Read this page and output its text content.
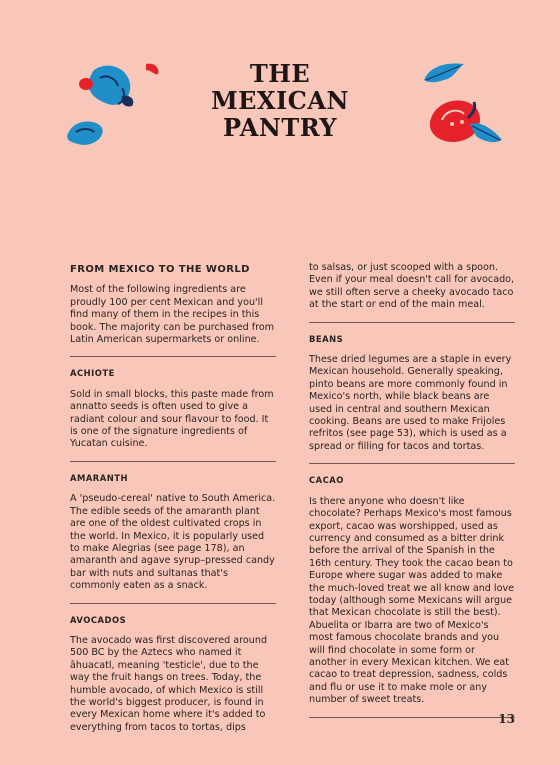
THE
MEXICAN
PANTRY
FROM MEXICO TO THE WORLD

Most of the following ingredients are proudly 100 per cent Mexican and you'll find many of them in the recipes in this book. The majority can be purchased from Latin American supermarkets or online.

ACHIOTE

Sold in small blocks, this paste made from annatto seeds is often used to give a radiant colour and sour flavour to food. It is one of the signature ingredients of Yucatan cuisine.

AMARANTH

A 'pseudo-cereal' native to South America. The edible seeds of the amaranth plant are one of the oldest cultivated crops in the world. In Mexico, it is popularly used to make Alegrias (see page 178), an amaranth and agave syrup–pressed candy bar with nuts and sultanas that's commonly eaten as a snack.

AVOCADOS

The avocado was first discovered around 500 BC by the Aztecs who named it āhuacatl, meaning 'testicle', due to the way the fruit hangs on trees. Today, the humble avocado, of which Mexico is still the world's biggest producer, is found in every Mexican home where it's added to everything from tacos to tortas, dips

to salsas, or just scooped with a spoon. Even if your meal doesn't call for avocado, we still often serve a cheeky avocado taco at the start or end of the main meal.

BEANS

These dried legumes are a staple in every Mexican household. Generally speaking, pinto beans are more commonly found in Mexico's north, while black beans are used in central and southern Mexican cooking. Beans are used to make Frijoles refritos (see page 53), which is used as a spread or filling for tacos and tortas.

CACAO

Is there anyone who doesn't like chocolate? Perhaps Mexico's most famous export, cacao was worshipped, used as currency and consumed as a bitter drink before the arrival of the Spanish in the 16th century. They took the cacao bean to Europe where sugar was added to make the much-loved treat we all know and love today (although some Mexicans will argue that Mexican chocolate is still the best). Abuelita or Ibarra are two of Mexico's most famous chocolate brands and you will find chocolate in some form or another in every Mexican kitchen. We eat cacao to treat depression, sadness, colds and flu or use it to make mole or any number of sweet treats.

13
